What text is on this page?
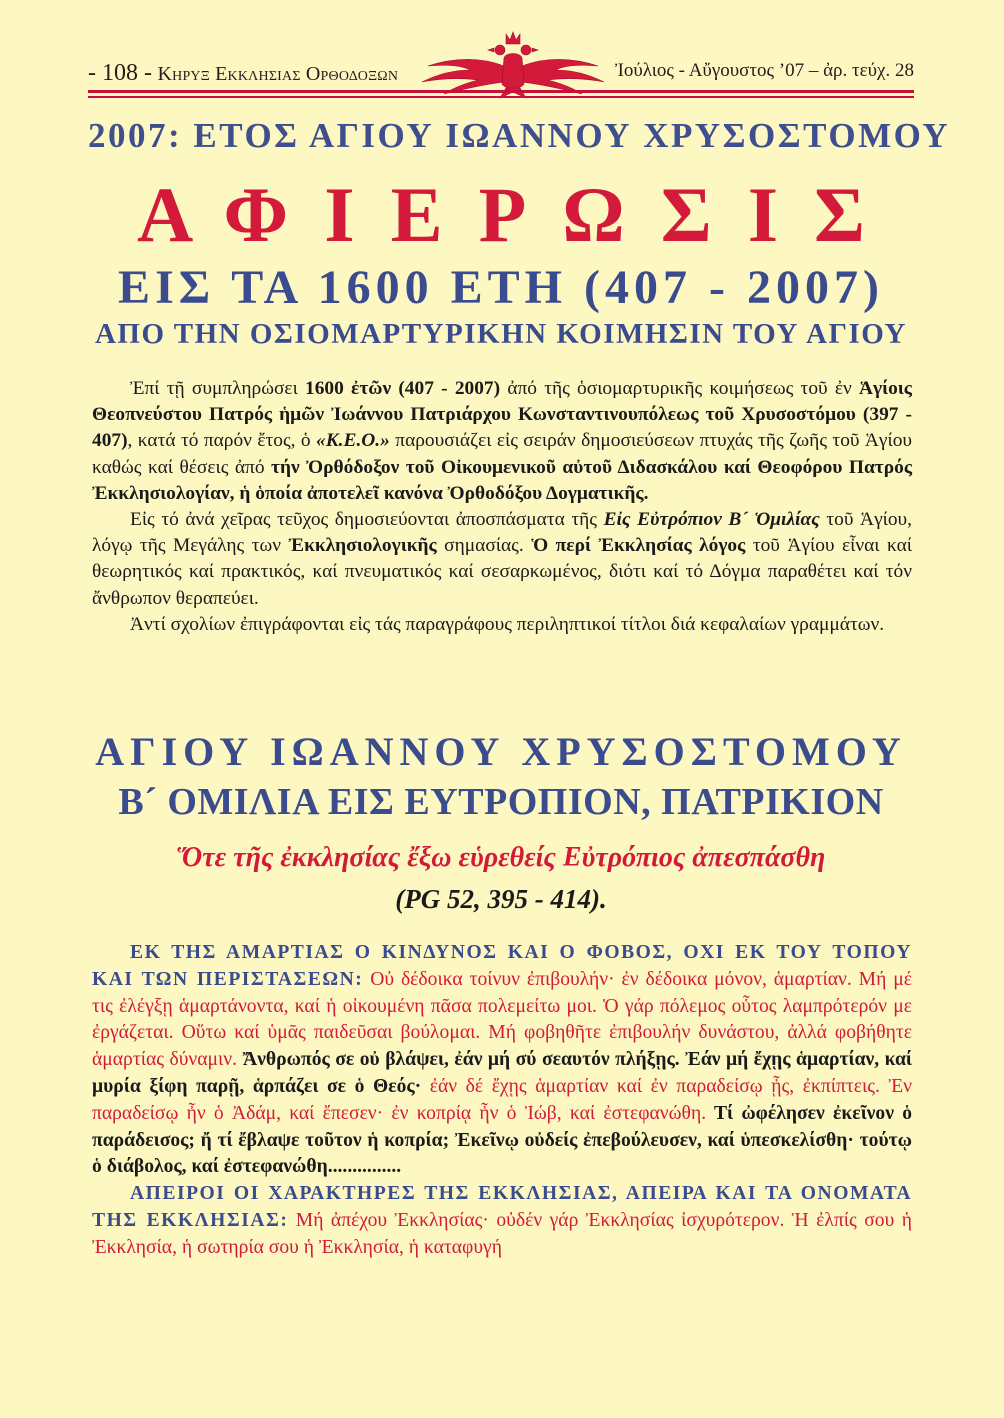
- 108 - Κηρυξ Εκκλησιας Ορθοδοξων	Ἰούλιος - Αὔγουστος ’07 – ἀρ. τεύχ. 28
2007: ΕΤΟΣ ΑΓΙΟΥ ΙΩΑΝΝΟΥ ΧΡΥΣΟΣΤΟΜΟΥ
ΑΦΙΕΡΩΣΙΣ
ΕΙΣ ΤΑ 1600 ΕΤΗ (407 - 2007)
ΑΠΟ ΤΗΝ ΟΣΙΟΜΑΡΤΥΡΙΚΗΝ ΚΟΙΜΗΣΙΝ ΤΟΥ ΑΓΙΟΥ

Ἐπί τῇ συμπληρώσει 1600 ἐτῶν (407 - 2007) ἀπό τῆς ὁσιομαρτυρικῆς κοιμήσεως τοῦ ἐν Ἁγίοις Θεοπνεύστου Πατρός ἡμῶν Ἰωάννου Πατριάρχου Κωνσταντινουπόλεως τοῦ Χρυσοστόμου (397 - 407), κατά τό παρόν ἔτος, ὁ «Κ.Ε.Ο.» παρουσιάζει εἰς σειράν δημοσιεύσεων πτυχάς τῆς ζωῆς τοῦ Ἁγίου καθώς καί θέσεις ἀπό τήν Ὀρθόδοξον τοῦ Οἰκουμενικοῦ αὐτοῦ Διδασκάλου καί Θεοφόρου Πατρός Ἐκκλησιολογίαν, ἡ ὁποία ἀποτελεῖ κανόνα Ὀρθοδόξου Δογματικῆς.

Εἰς τό ἀνά χεῖρας τεῦχος δημοσιεύονται ἀποσπάσματα τῆς Εἰς Εὐτρόπιον Β´ Ὁμιλίας τοῦ Ἁγίου, λόγῳ τῆς Μεγάλης των Ἐκκλησιολογικῆς σημασίας. Ὁ περί Ἐκκλησίας λόγος τοῦ Ἁγίου εἶναι καί θεωρητικός καί πρακτικός, καί πνευματικός καί σεσαρκωμένος, διότι καί τό Δόγμα παραθέτει καί τόν ἄνθρωπον θεραπεύει.

Ἀντί σχολίων ἐπιγράφονται εἰς τάς παραγράφους περιληπτικοί τίτλοι διά κεφαλαίων γραμμάτων.

ΑΓΙΟΥ ΙΩΑΝΝΟΥ ΧΡΥΣΟΣΤΟΜΟΥ
Β´ ΟΜΙΛΙΑ ΕΙΣ ΕΥΤΡΟΠΙΟΝ, ΠΑΤΡΙΚΙΟΝ
Ὅτε τῆς ἐκκλησίας ἔξω εὑρεθείς Εὐτρόπιος ἀπεσπάσθη
(PG 52, 395 - 414).

ΕΚ ΤΗΣ ΑΜΑΡΤΙΑΣ Ο ΚΙΝΔΥΝΟΣ ΚΑΙ Ο ΦΟΒΟΣ, ΟΧΙ ΕΚ ΤΟΥ ΤΟΠΟΥ ΚΑΙ ΤΩΝ ΠΕΡΙΣΤΑΣΕΩΝ: Οὐ δέδοικα τοίνυν ἐπιβουλήν· ἐν δέδοικα μόνον, ἁμαρτίαν. Μή μέ τις ἐλέγξῃ ἁμαρτάνοντα, καί ἡ οἰκουμένη πᾶσα πολεμείτω μοι. Ὁ γάρ πόλεμος οὗτος λαμπρότερόν με ἐργάζεται. Οὕτω καί ὑμᾶς παιδεῦσαι βούλομαι. Μή φοβηθῆτε ἐπιβουλήν δυνάστου, ἀλλά φοβήθητε ἁμαρτίας δύναμιν. Ἄνθρωπός σε οὐ βλάψει, ἐάν μή σύ σεαυτόν πλήξῃς. Ἐάν μή ἔχῃς ἁμαρτίαν, καί μυρία ξίφη παρῇ, ἁρπάζει σε ὁ Θεός· ἐάν δέ ἔχῃς ἁμαρτίαν καί ἐν παραδείσῳ ᾖς, ἐκπίπτεις. Ἐν παραδείσῳ ἦν ὁ Ἀδάμ, καί ἔπεσεν· ἐν κοπρίᾳ ἦν ὁ Ἰώβ, καί ἐστεφανώθη. Τί ὠφέλησεν ἐκεῖνον ὁ παράδεισος; ἤ τί ἔβλαψε τοῦτον ἡ κοπρία; Ἐκεῖνῳ οὐδείς ἐπεβούλευσεν, καί ὑπεσκελίσθη· τούτῳ ὁ διάβολος, καί ἐστεφανώθη...............

ΑΠΕΙΡΟΙ ΟΙ ΧΑΡΑΚΤΗΡΕΣ ΤΗΣ ΕΚΚΛΗΣΙΑΣ, ΑΠΕΙΡΑ ΚΑΙ ΤΑ ΟΝΟΜΑΤΑ ΤΗΣ ΕΚΚΛΗΣΙΑΣ: Μή ἀπέχου Ἐκκλησίας· οὐδέν γάρ Ἐκκλησίας ἰσχυρότερον. Ἡ ἐλπίς σου ἡ Ἐκκλησία, ἡ σωτηρία σου ἡ Ἐκκλησία, ἡ καταφυγή
